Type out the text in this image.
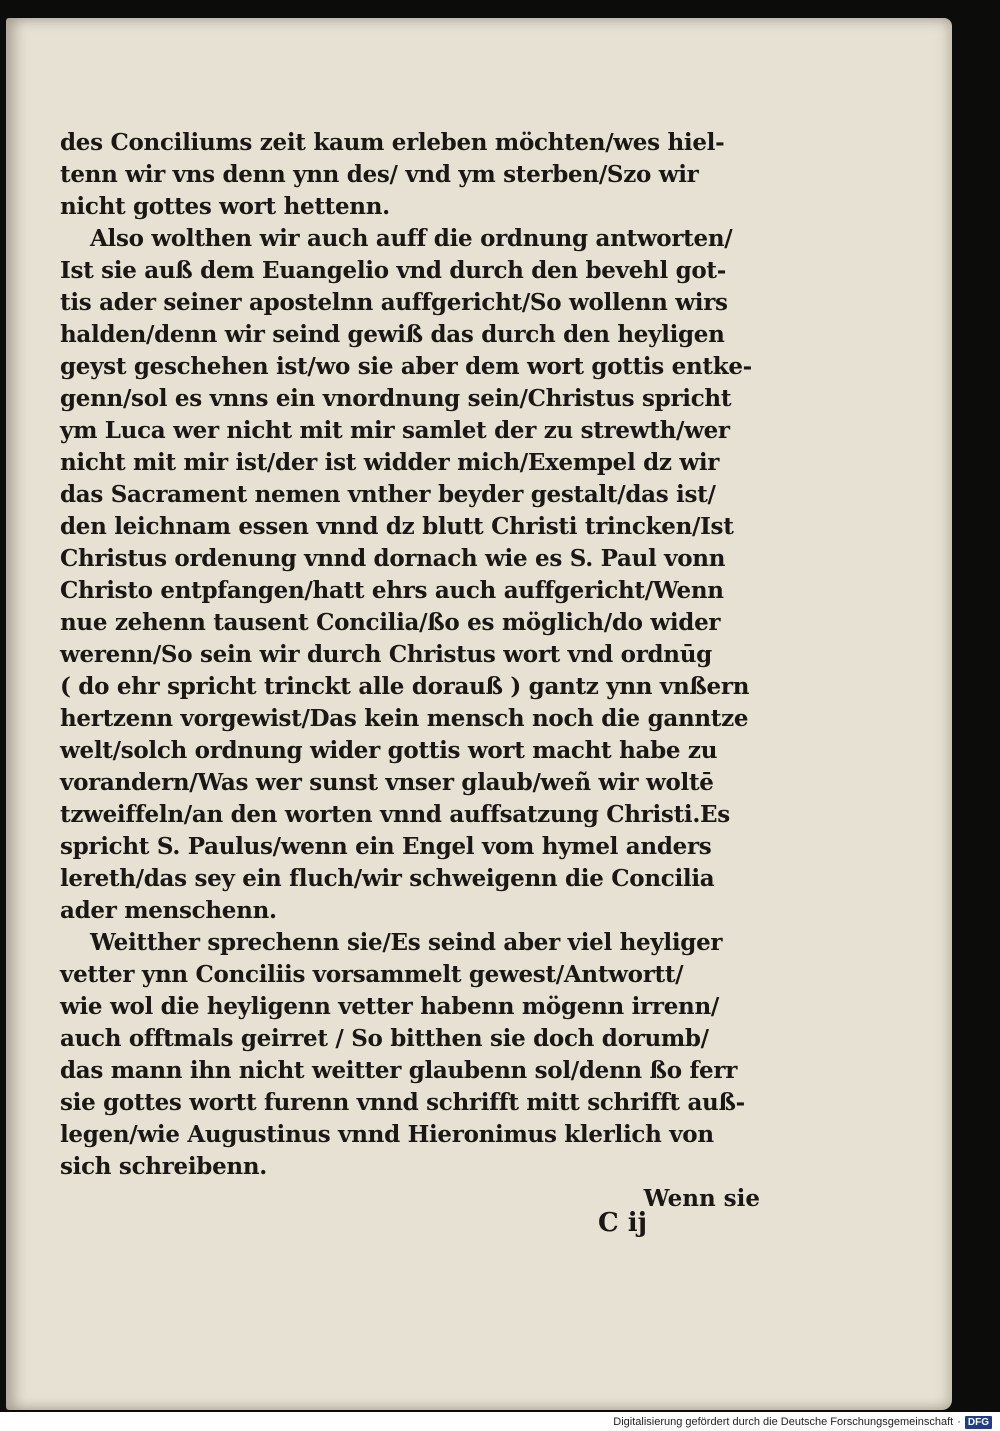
des Conciliums zeit kaum erleben möchten/wes hiel-
tenn wir vns denn ynn des/ vnd ym sterben/Szo wir
nicht gottes wort hettenn.
Also wolthen wir auch auff die ordnung antworten/
Ist sie auß dem Euangelio vnd durch den bevehl got-
tis ader seiner apostelnn auffgericht/So wollenn wirs
halden/denn wir seind gewiß das durch den heyligen
geyst geschehen ist/wo sie aber dem wort gottis entke-
genn/sol es vnns ein vnordnung sein/Christus spricht
ym Luca wer nicht mit mir samlet der zu strewth/wer
nicht mit mir ist/der ist widder mich/Exempel dz wir
das Sacrament nemen vnther beyder gestalt/das ist/
den leichnam essen vnnd dz blutt Christi trincken/Ist
Christus ordenung vnnd dornach wie es S. Paul vonn
Christo entpfangen/hatt ehrs auch auffgericht/Wenn
nue zehenn tausent Concilia/ßo es möglich/do wider
werenn/So sein wir durch Christus wort vnd ordnūg
( do ehr spricht trinckt alle dorauß ) gantz ynn vnßern
hertzenn vorgewist/Das kein mensch noch die ganntze
welt/solch ordnung wider gottis wort macht habe zu
vorandern/Was wer sunst vnser glaub/weñ wir woltē
tzweiffeln/an den worten vnnd auffsatzung Christi.Es
spricht S. Paulus/wenn ein Engel vom hymel anders
lereth/das sey ein fluch/wir schweigenn die Concilia
ader menschenn.
Weitther sprechenn sie/Es seind aber viel heyliger
vetter ynn Conciliis vorsammelt gewest/Antwortt/
wie wol die heyligenn vetter habenn mögenn irrenn/
auch offtmals geirret / So bitthen sie doch dorumb/
das mann ihn nicht weitter glaubenn sol/denn ßo ferr
sie gottes wortt furenn vnnd schrifft mitt schrifft auß-
legen/wie Augustinus vnnd Hieronimus klerlich von
sich schreibenn.
Wenn sie
C ij
Digitalisierung gefördert durch die Deutsche Forschungsgemeinschaft · DFG
